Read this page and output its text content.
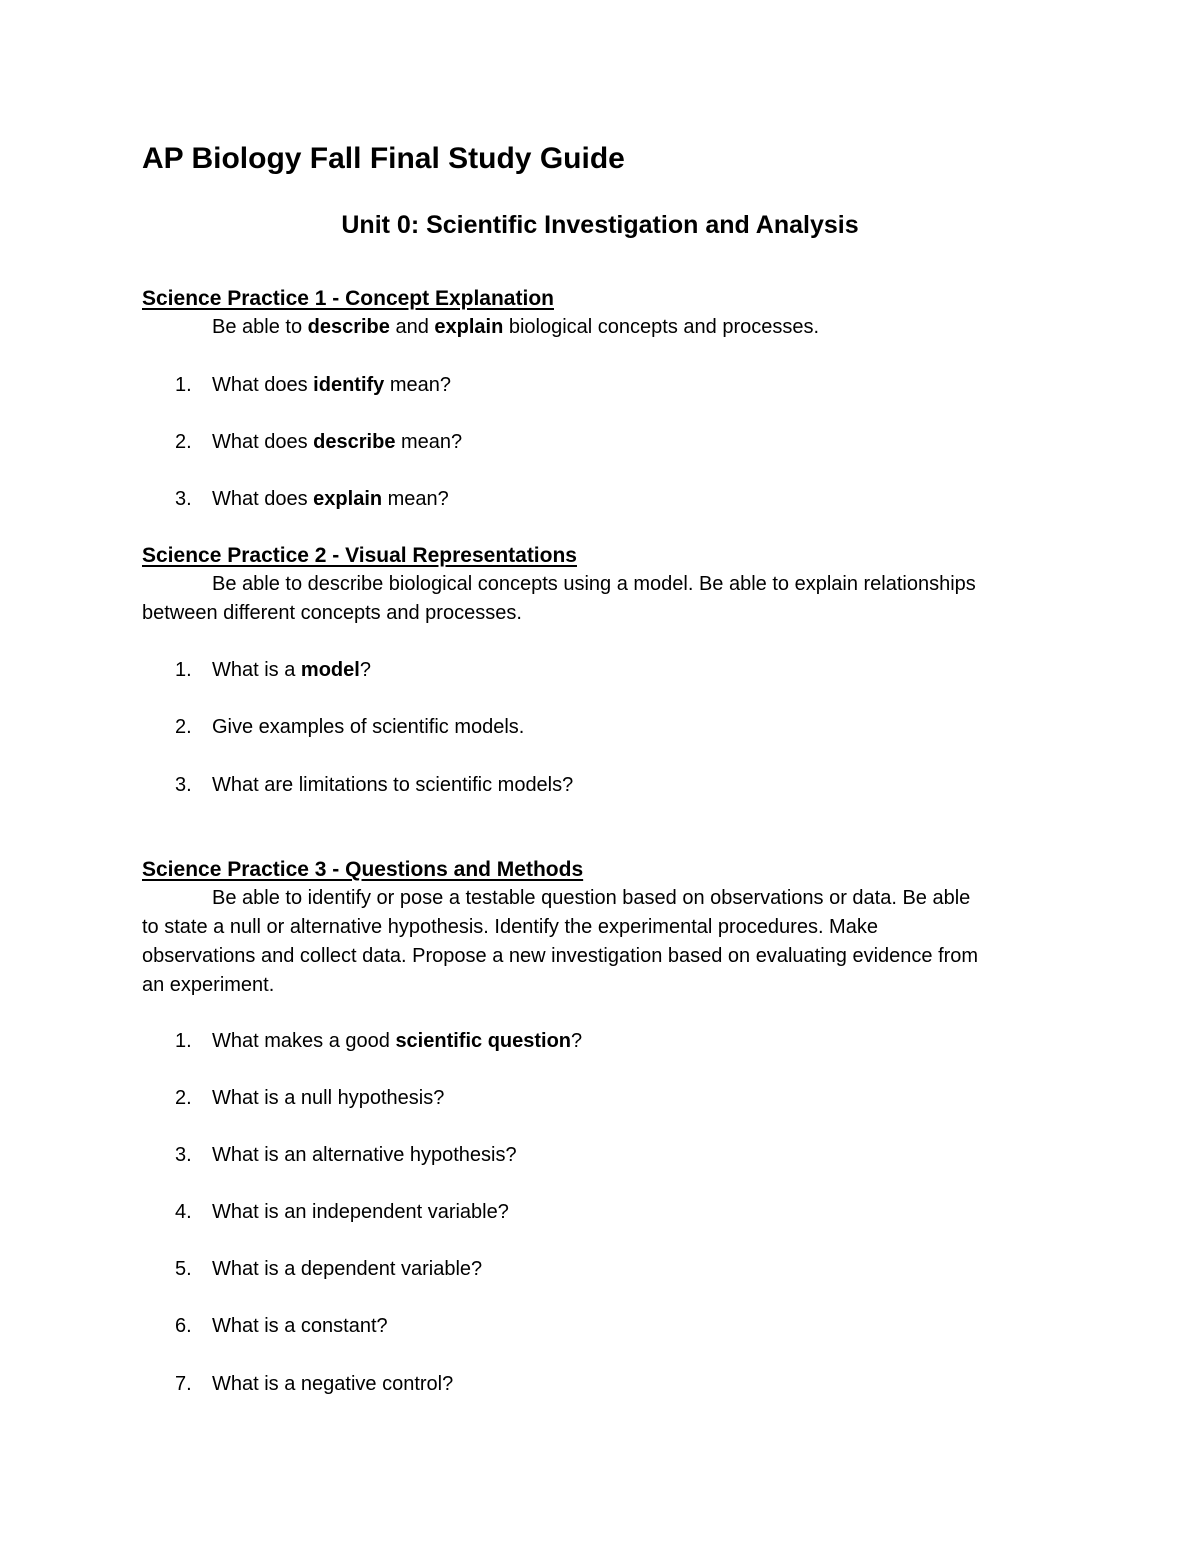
AP Biology Fall Final Study Guide
Unit 0: Scientific Investigation and Analysis
Science Practice 1 - Concept Explanation

Be able to describe and explain biological concepts and processes.

1. What does identify mean?
2. What does describe mean?
3. What does explain mean?
Science Practice 2 - Visual Representations

Be able to describe biological concepts using a model. Be able to explain relationships

between different concepts and processes.

1. What is a model?
2. Give examples of scientific models.
3. What are limitations to scientific models?
Science Practice 3 - Questions and Methods

Be able to identify or pose a testable question based on observations or data. Be able

to state a null or alternative hypothesis. Identify the experimental procedures. Make

observations and collect data. Propose a new investigation based on evaluating evidence from

an experiment.

1. What makes a good scientific question?
2. What is a null hypothesis?
3. What is an alternative hypothesis?
4. What is an independent variable?
5. What is a dependent variable?
6. What is a constant?
7. What is a negative control?
